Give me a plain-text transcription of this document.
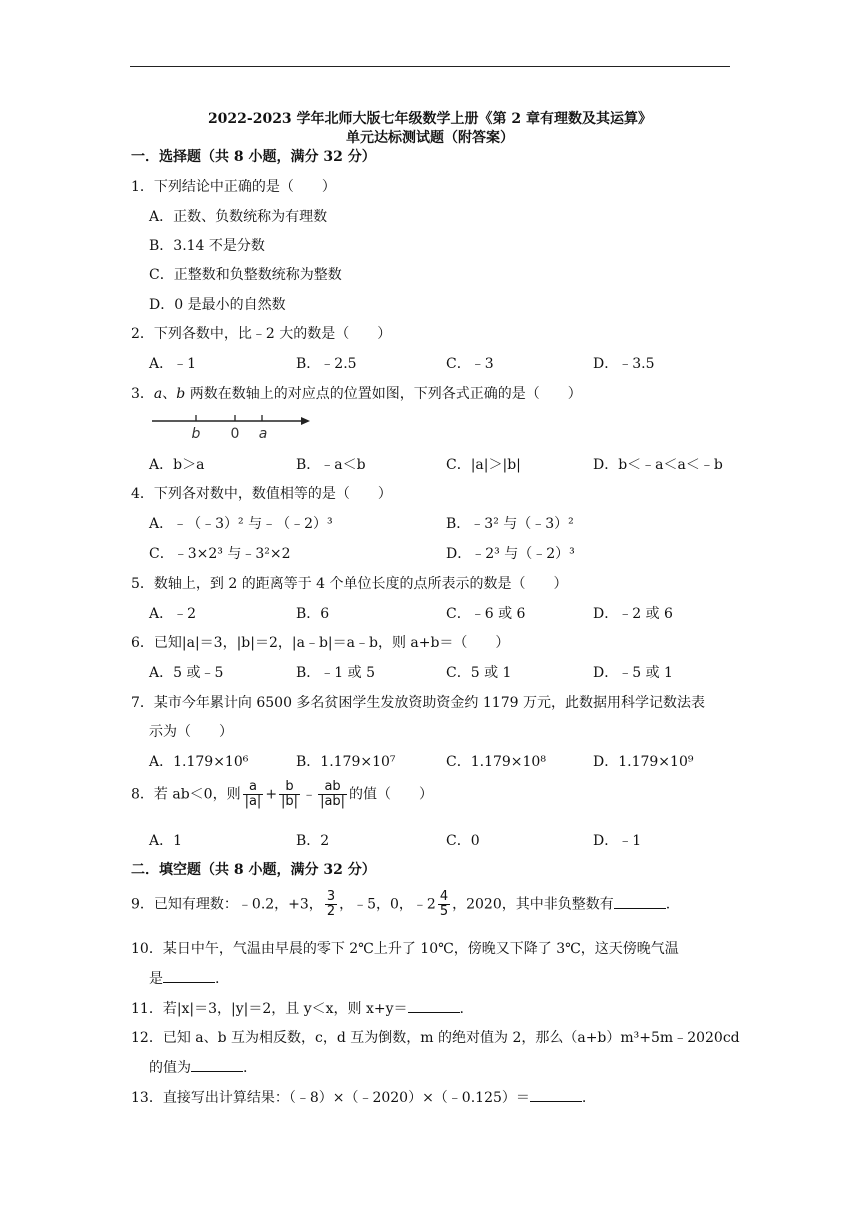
2022-2023 学年北师大版七年级数学上册《第 2 章有理数及其运算》
单元达标测试题（附答案）
一．选择题（共 8 小题，满分 32 分）
1．下列结论中正确的是（　　）
A．正数、负数统称为有理数
B．3.14 不是分数
C．正整数和负整数统称为整数
D．0 是最小的自然数
2．下列各数中，比﹣2 大的数是（　　）
A．﹣1	B．﹣2.5	C．﹣3	D．﹣3.5
3．a、b 两数在数轴上的对应点的位置如图，下列各式正确的是（　　）
b 0 a
A．b＞a	B．﹣a＜b	C．|a|＞|b|	D．b＜﹣a＜a＜﹣b
4．下列各对数中，数值相等的是（　　）
A．﹣（﹣3）² 与﹣（﹣2）³	B．﹣3² 与（﹣3）²
C．﹣3×2³ 与﹣3²×2	D．﹣2³ 与（﹣2）³
5．数轴上，到 2 的距离等于 4 个单位长度的点所表示的数是（　　）
A．﹣2	B．6	C．﹣6 或 6	D．﹣2 或 6
6．已知|a|＝3，|b|＝2，|a﹣b|＝a﹣b，则 a+b＝（　　）
A．5 或﹣5	B．﹣1 或 5	C．5 或 1	D．﹣5 或 1
7．某市今年累计向 6500 多名贫困学生发放资助资金约 1179 万元，此数据用科学记数法表
示为（　　）
A．1.179×10⁶	B．1.179×10⁷	C．1.179×10⁸	D．1.179×10⁹
8．若 ab＜0，则 $\frac{a}{|a|} + \frac{b}{|b|}$ ﹣ $\frac{ab}{|ab|}$ 的值（　　）
A．1	B．2	C．0	D．﹣1
二．填空题（共 8 小题，满分 32 分）
9．已知有理数：﹣0.2，+3， $\frac{3}{2}$ ，﹣5，0，﹣2 $\frac{4}{5}$ ，2020，其中非负整数有	.
10．某日中午，气温由早晨的零下 2℃上升了 10℃，傍晚又下降了 3℃，这天傍晚气温
是	.
11．若|x|＝3，|y|＝2，且 y＜x，则 x+y＝	.
12．已知 a、b 互为相反数，c，d 互为倒数，m 的绝对值为 2，那么（a+b）m³+5m﹣2020cd
的值为	.
13．直接写出计算结果：（﹣8）×（﹣2020）×（﹣0.125）＝	.
